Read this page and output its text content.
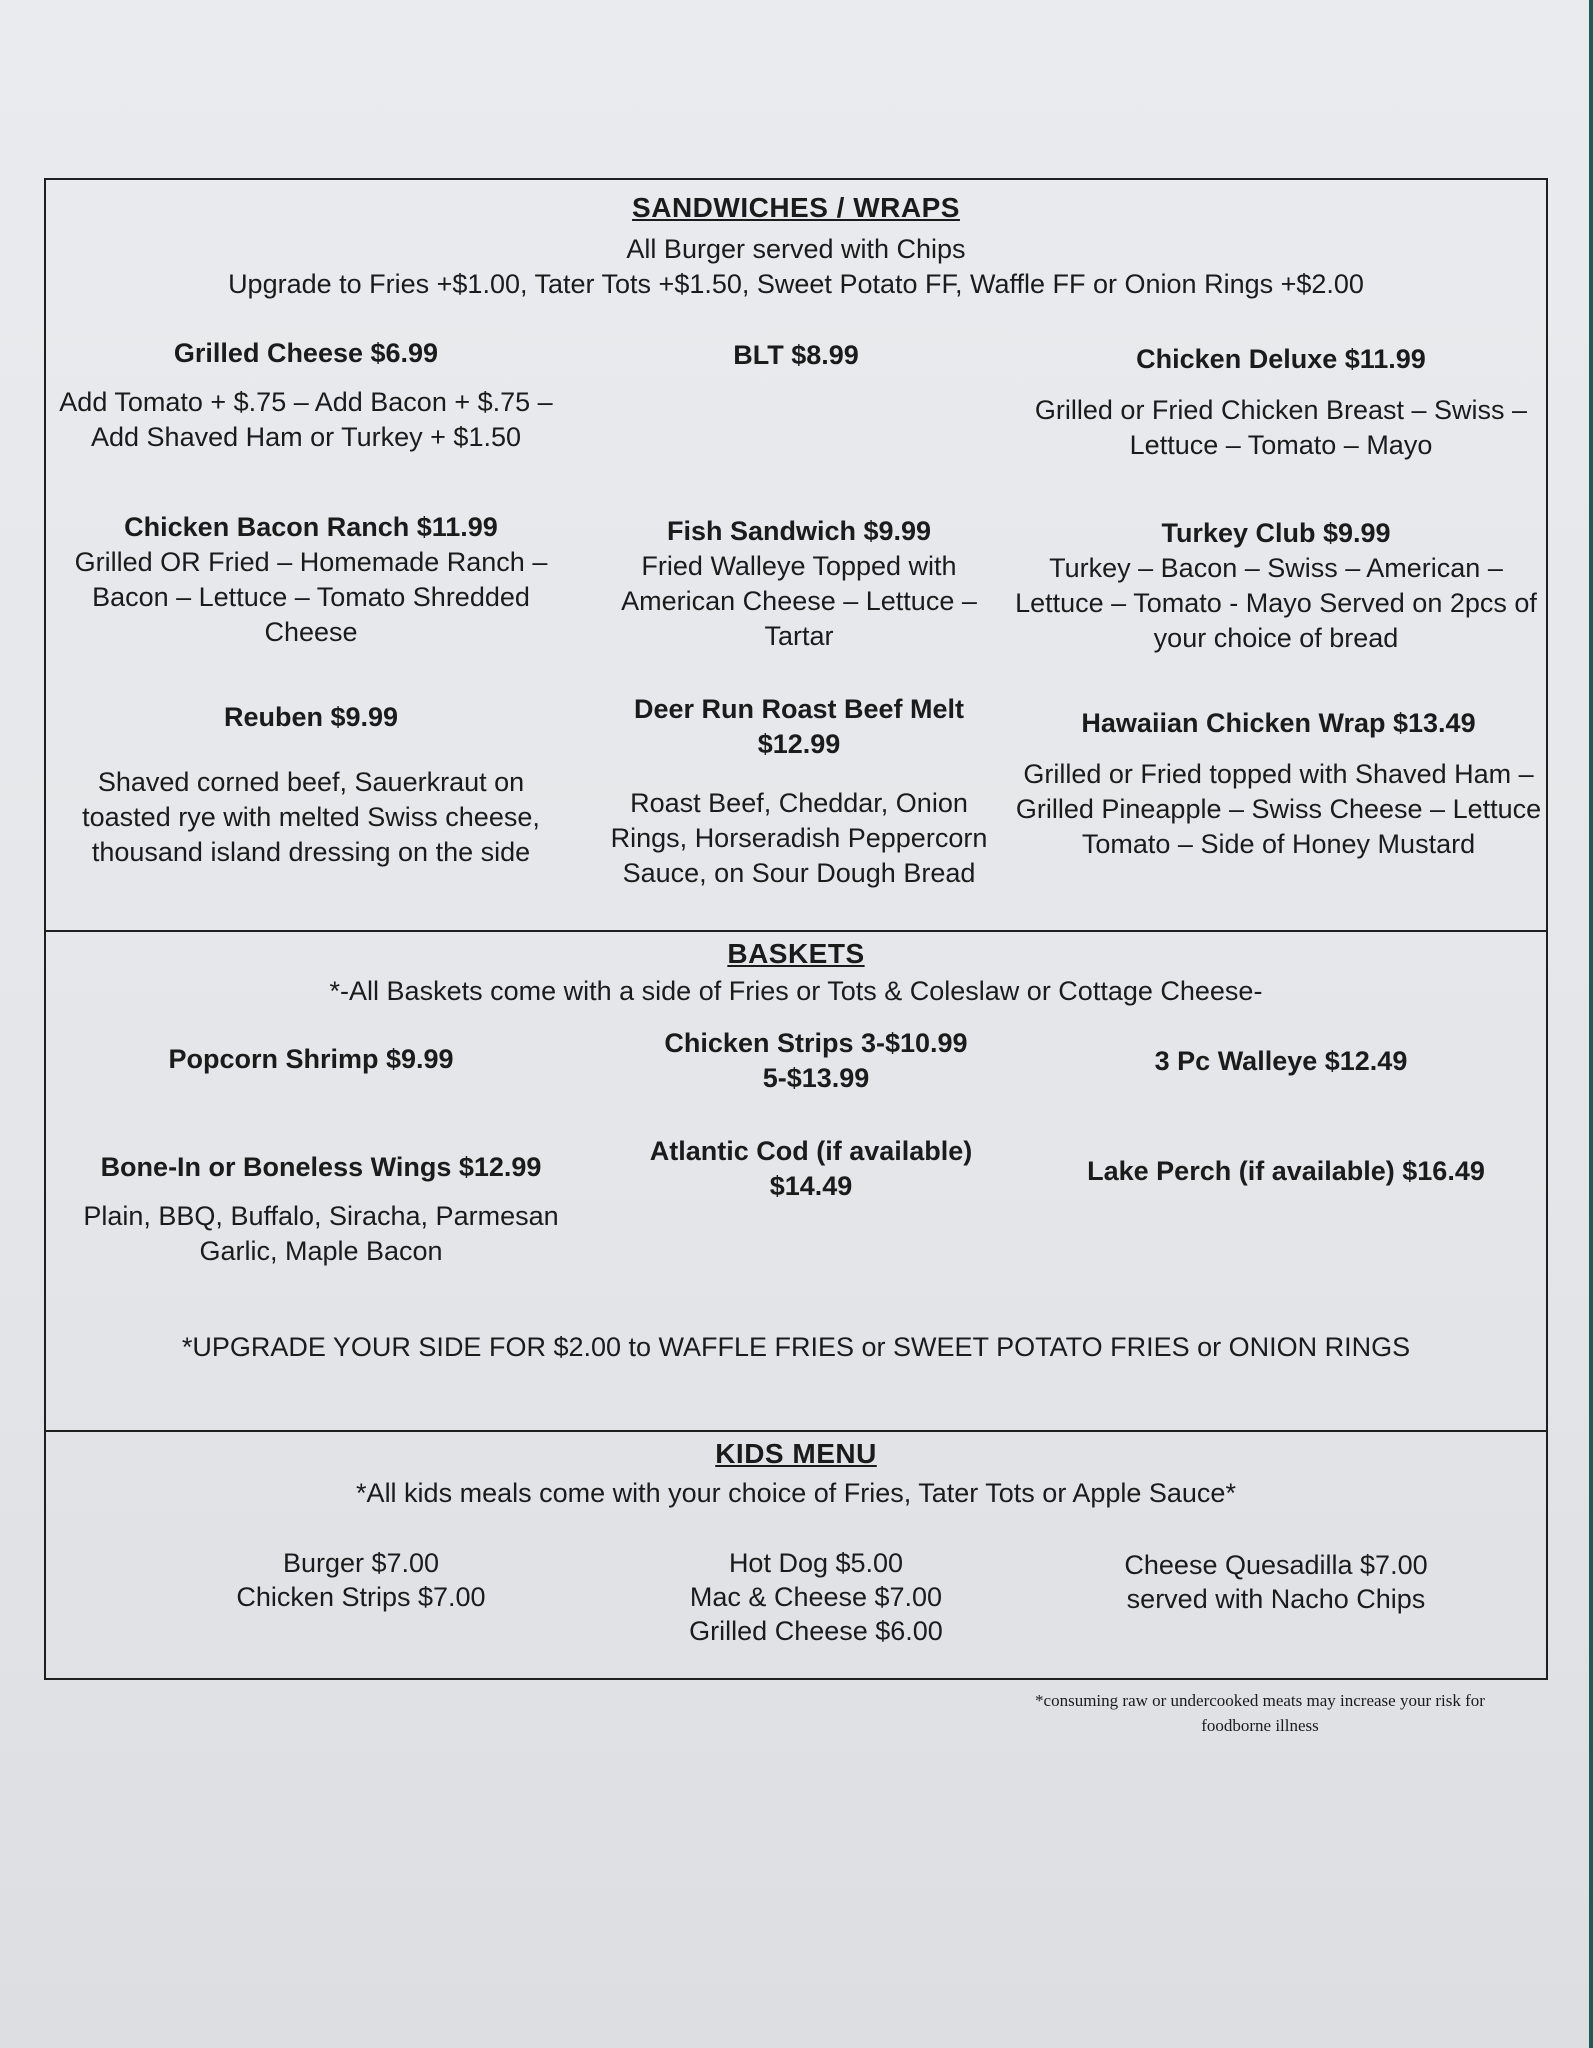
SANDWICHES / WRAPS
All Burger served with Chips
Upgrade to Fries +$1.00, Tater Tots +$1.50, Sweet Potato FF, Waffle FF or Onion Rings +$2.00
Grilled Cheese $6.99
Add Tomato + $.75 – Add Bacon + $.75 – Add Shaved Ham or Turkey + $1.50
BLT $8.99	Chicken Deluxe $11.99
Grilled or Fried Chicken Breast – Swiss – Lettuce – Tomato – Mayo
Chicken Bacon Ranch $11.99
Grilled OR Fried – Homemade Ranch – Bacon – Lettuce – Tomato Shredded Cheese
Fish Sandwich $9.99
Fried Walleye Topped with American Cheese – Lettuce – Tartar
Turkey Club $9.99
Turkey – Bacon – Swiss – American – Lettuce – Tomato - Mayo Served on 2pcs of your choice of bread
Reuben $9.99
Shaved corned beef, Sauerkraut on toasted rye with melted Swiss cheese, thousand island dressing on the side
Deer Run Roast Beef Melt $12.99
Roast Beef, Cheddar, Onion Rings, Horseradish Peppercorn Sauce, on Sour Dough Bread
Hawaiian Chicken Wrap $13.49
Grilled or Fried topped with Shaved Ham – Grilled Pineapple – Swiss Cheese – Lettuce Tomato – Side of Honey Mustard
BASKETS
*-All Baskets come with a side of Fries or Tots & Coleslaw or Cottage Cheese-
Popcorn Shrimp $9.99
Chicken Strips 3-$10.99 5-$13.99
3 Pc Walleye $12.49
Bone-In or Boneless Wings $12.99
Plain, BBQ, Buffalo, Siracha, Parmesan Garlic, Maple Bacon
Atlantic Cod (if available) $14.49	Lake Perch (if available) $16.49
*UPGRADE YOUR SIDE FOR $2.00 to WAFFLE FRIES or SWEET POTATO FRIES or ONION RINGS
KIDS MENU
*All kids meals come with your choice of Fries, Tater Tots or Apple Sauce*
Burger $7.00
Chicken Strips $7.00
Hot Dog $5.00
Mac & Cheese $7.00
Grilled Cheese $6.00
Cheese Quesadilla $7.00
served with Nacho Chips
*consuming raw or undercooked meats may increase your risk for
foodborne illness
